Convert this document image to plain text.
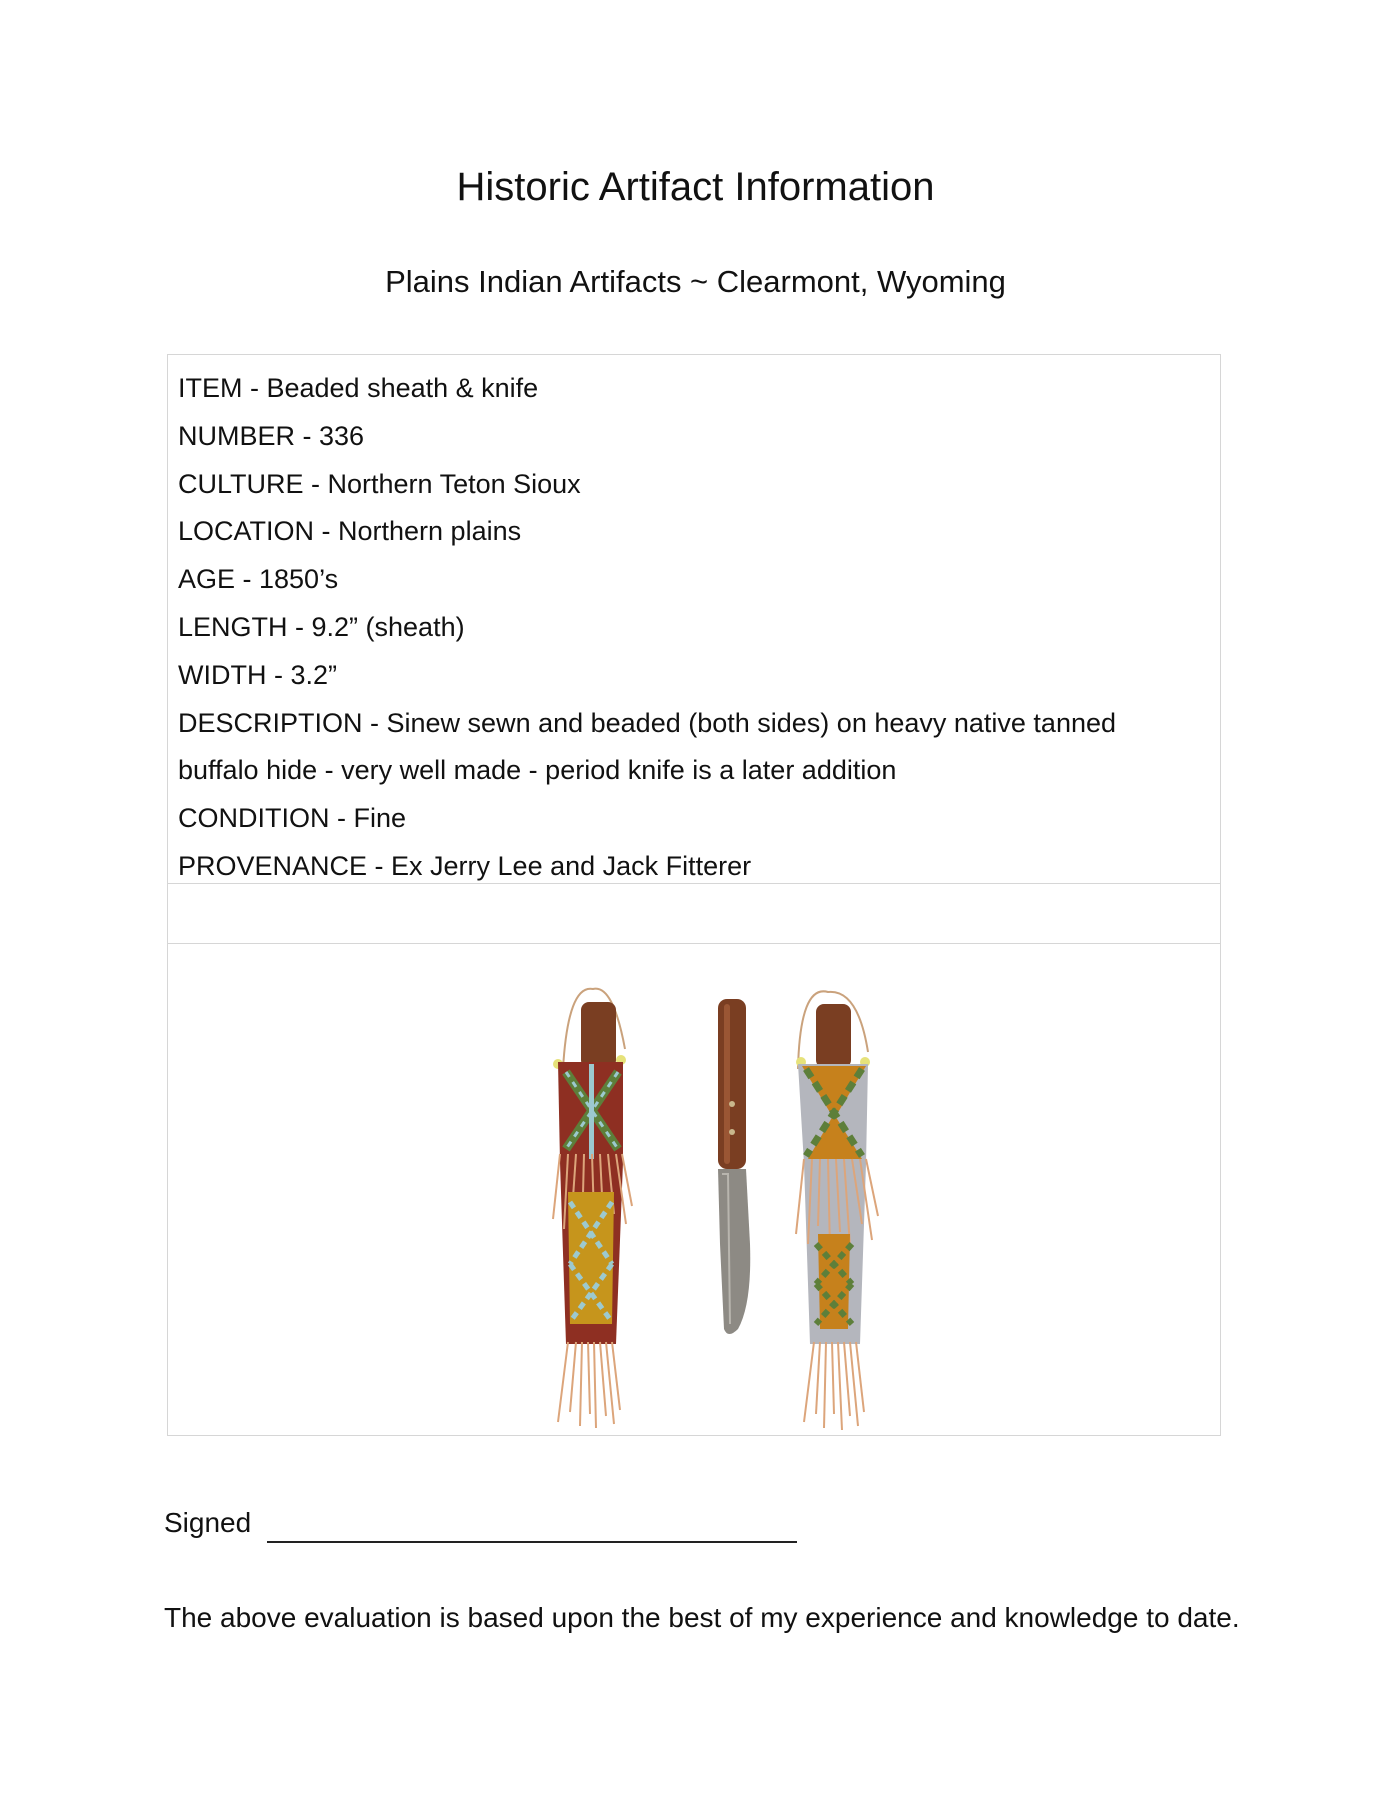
Historic Artifact Information
Plains Indian Artifacts ~ Clearmont, Wyoming
ITEM - Beaded sheath & knife
NUMBER - 336
CULTURE - Northern Teton Sioux
LOCATION - Northern plains
AGE - 1850’s
LENGTH - 9.2” (sheath)
WIDTH - 3.2”
DESCRIPTION - Sinew sewn and beaded (both sides) on heavy native tanned
buffalo hide - very well made - period knife is a later addition
CONDITION - Fine
PROVENANCE - Ex Jerry Lee and Jack Fitterer
Signed
The above evaluation is based upon the best of my experience and knowledge to date.
